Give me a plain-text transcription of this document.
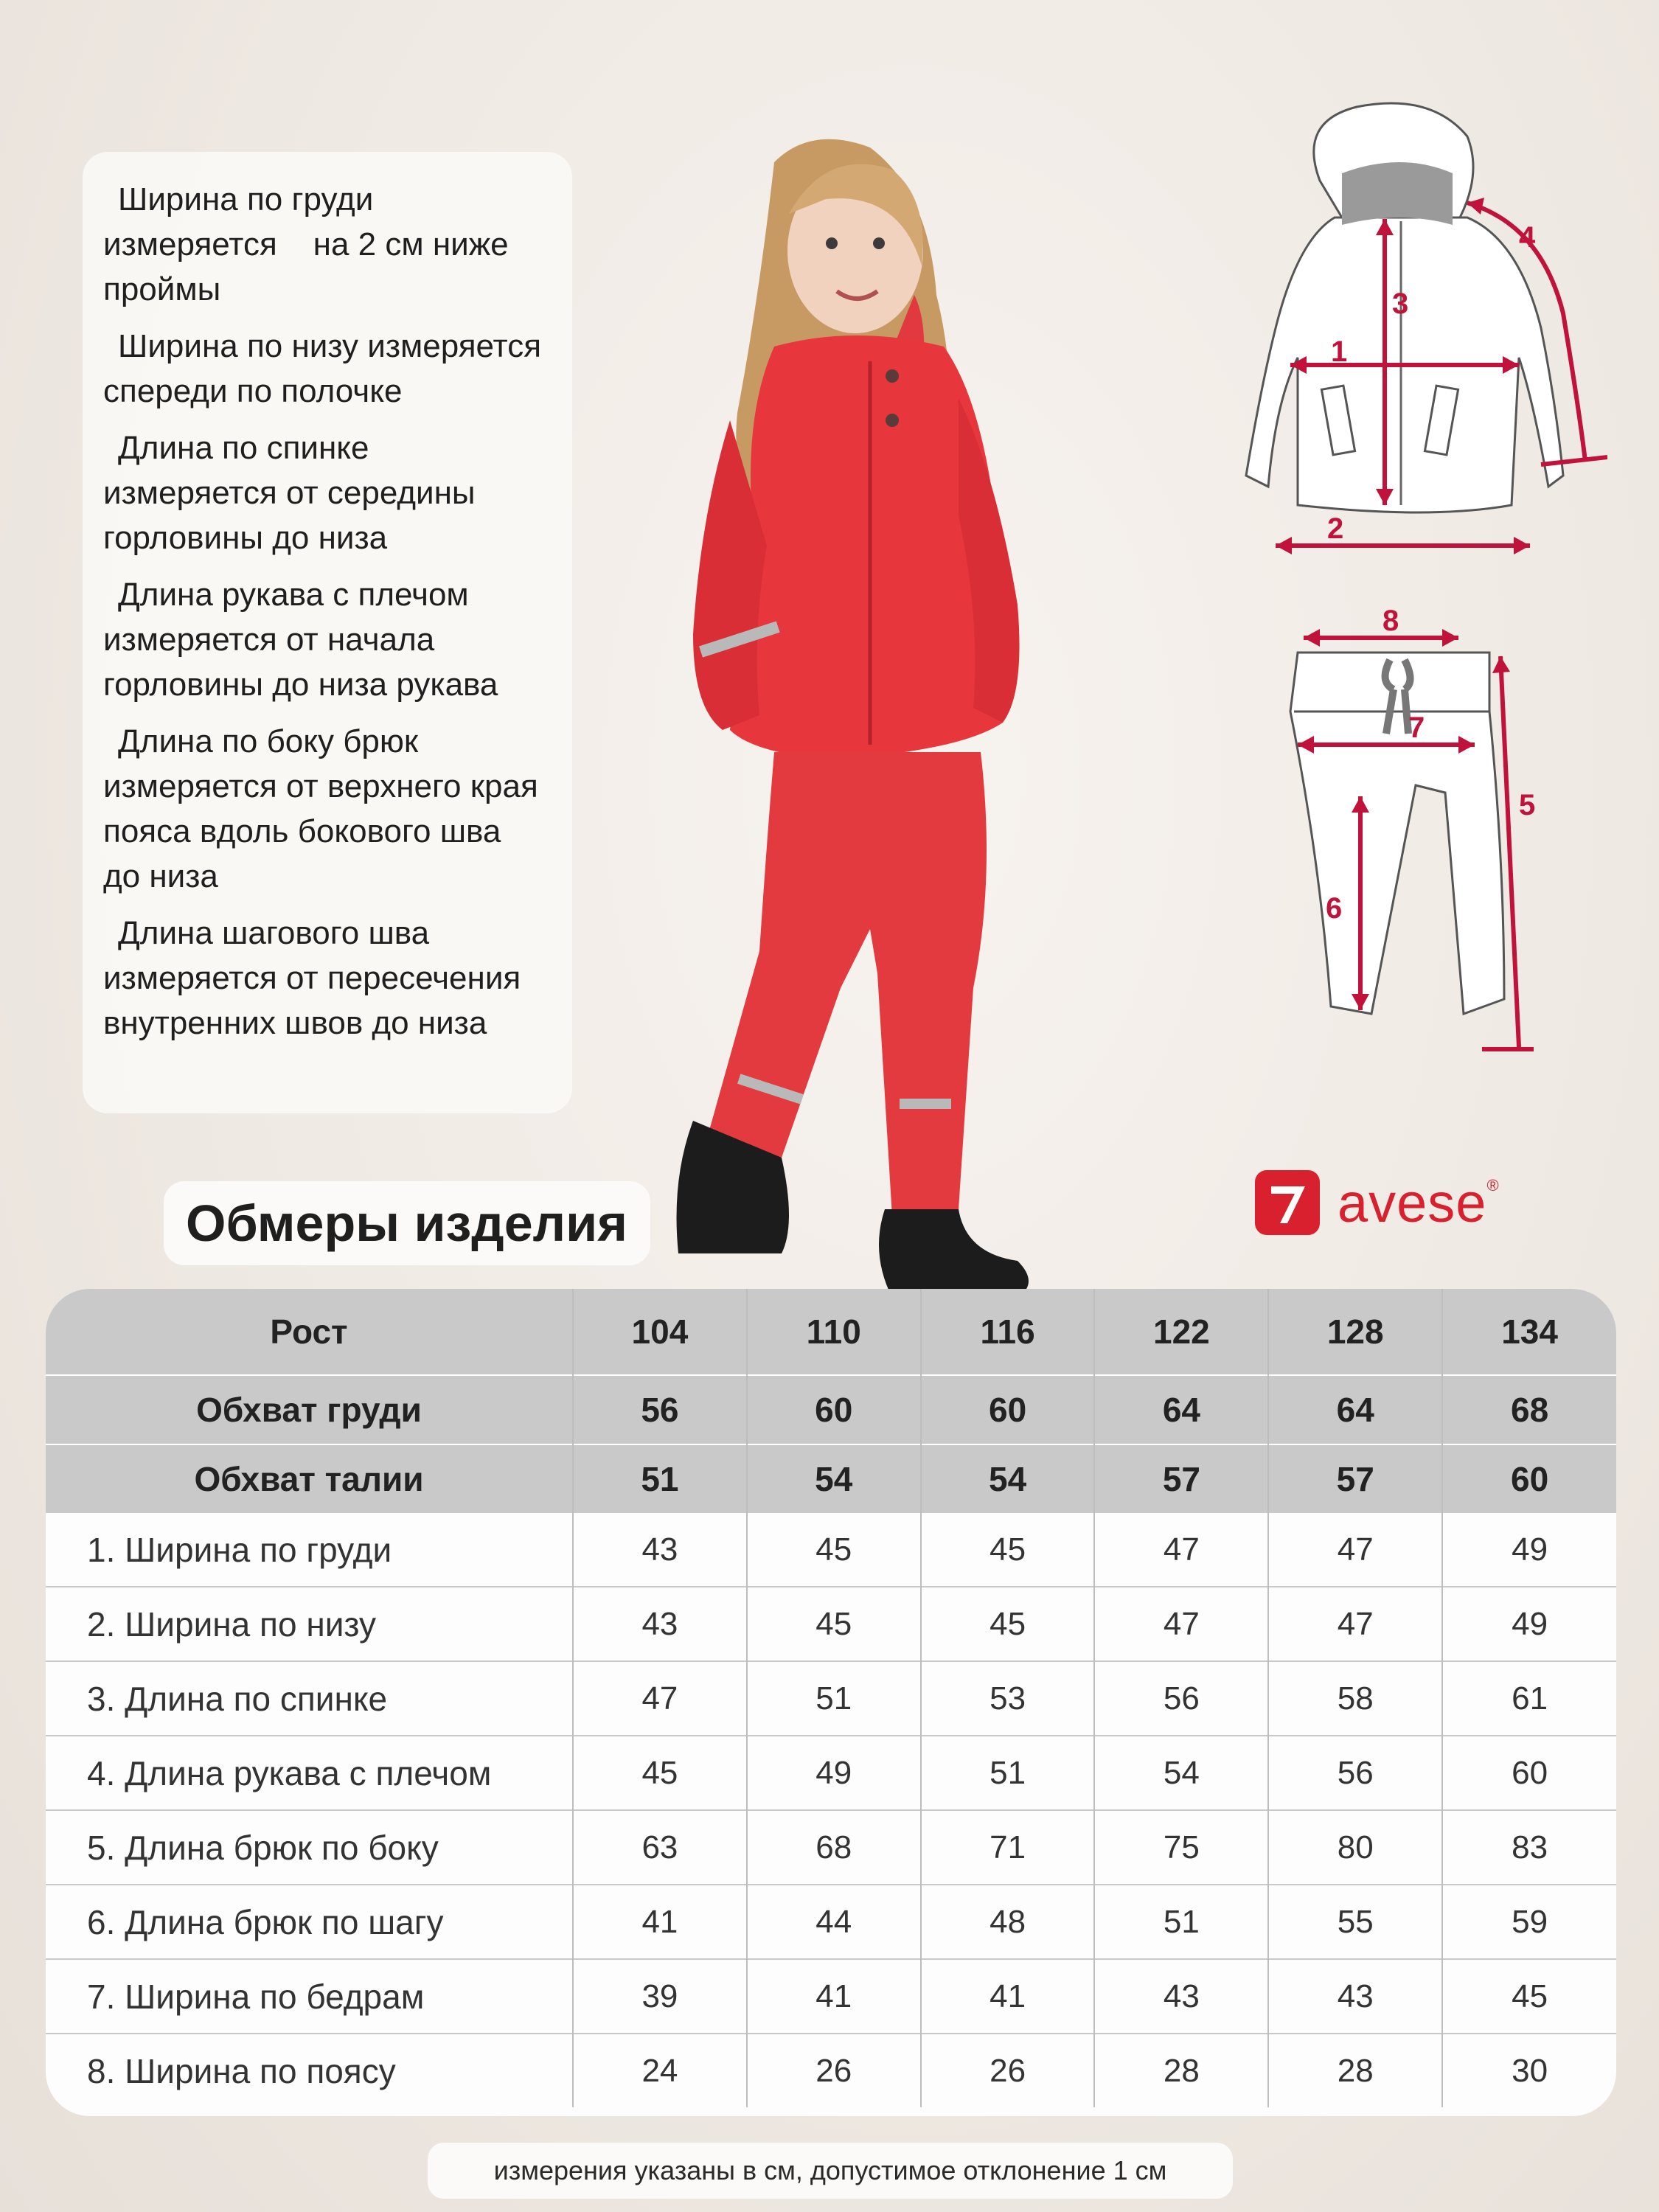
Ширина по груди
измеряется    на 2 см ниже
проймы
Ширина по низу измеряется
спереди по полочке
Длина по спинке
измеряется от середины
горловины до низа
Длина рукава с плечом
измеряется от начала
горловины до низа рукава
Длина по боку брюк
измеряется от верхнего края
пояса вдоль бокового шва
до низа
Длина шагового шва
измеряется от пересечения
внутренних швов до низа
1
2
3
4
8
7
5
6
avese ®
Обмеры изделия
Рост	104	110	116	122	128	134
Обхват груди	56	60	60	64	64	68
Обхват талии	51	54	54	57	57	60
1. Ширина по груди	43	45	45	47	47	49
2. Ширина по низу	43	45	45	47	47	49
3. Длина по спинке	47	51	53	56	58	61
4. Длина рукава с плечом	45	49	51	54	56	60
5. Длина брюк по боку	63	68	71	75	80	83
6. Длина брюк по шагу	41	44	48	51	55	59
7. Ширина по бедрам	39	41	41	43	43	45
8. Ширина по поясу	24	26	26	28	28	30
измерения указаны в см, допустимое отклонение 1 см
